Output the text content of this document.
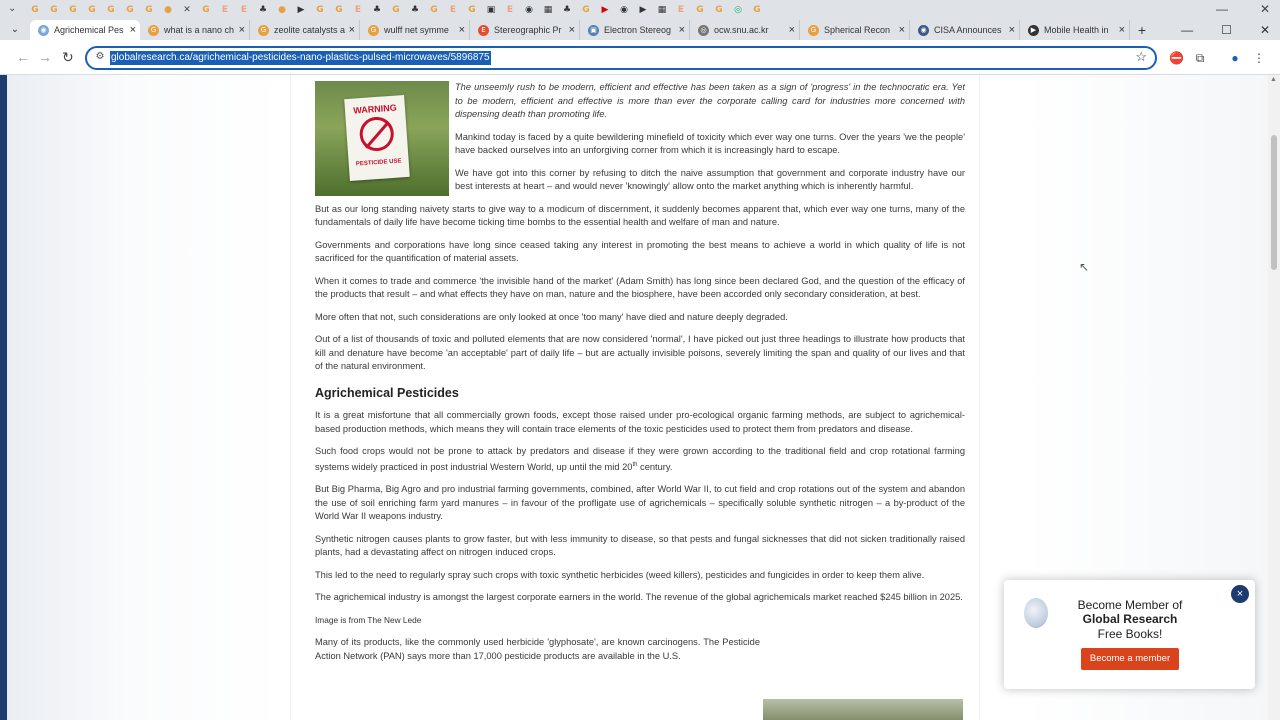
⌄	G	G	G	G	G	G	G	●	✕	G	E	E	♣	●	▶	G	G	E	♣	G	♣	G	E	G	▣	E	◉	▦	♣	G	▶	◉	▶	▦	E	G	G	◎	G	—	✕
⌄	◉ Agrichemical Pes ×	G what is a nano ch ×	G zeolite catalysts a ×	G wulff net symme ×	E Stereographic Pr ×	▣ Electron Stereog ×	◎ ocw.snu.ac.kr	×	G Spherical Recon ×	◉ CISA Announces ×	▶ Mobile Health in × +	— ☐ ✕
← → ↻ ⚙ globalresearch.ca/agrichemical-pesticides-nano-plastics-pulsed-microwaves/5896875	☆ ⛔ ⧉ ● ⋮
WARNING
PESTICIDE USE

The unseemly rush to be modern, efficient and effective has been taken as a sign of 'progress' in the technocratic era. Yet to be modern, efficient and effective is more than ever the corporate calling card for industries more concerned with dispensing death than promoting life.

Mankind today is faced by a quite bewildering minefield of toxicity which ever way one turns. Over the years 'we the people' have backed ourselves into an unforgiving corner from which it is increasingly hard to escape.

We have got into this corner by refusing to ditch the naive assumption that government and corporate industry have our best interests at heart – and would never 'knowingly' allow onto the market anything which is inherently harmful.

But as our long standing naivety starts to give way to a modicum of discernment, it suddenly becomes apparent that, which ever way one turns, many of the fundamentals of daily life have become ticking time bombs to the essential health and welfare of man and nature.

Governments and corporations have long since ceased taking any interest in promoting the best means to achieve a world in which quality of life is not sacrificed for the quantification of material assets.

When it comes to trade and commerce 'the invisible hand of the market' (Adam Smith) has long since been declared God, and the question of the efficacy of the products that result – and what effects they have on man, nature and the biosphere, have been accorded only secondary consideration, at best.

More often that not, such considerations are only looked at once 'too many' have died and nature deeply degraded.

Out of a list of thousands of toxic and polluted elements that are now considered 'normal', I have picked out just three headings to illustrate how products that kill and denature have become 'an acceptable' part of daily life – but are actually invisible poisons, severely limiting the span and quality of our lives and that of the natural environment.

Agrichemical Pesticides

It is a great misfortune that all commercially grown foods, except those raised under pro-ecological organic farming methods, are subject to agrichemical-based production methods, which means they will contain trace elements of the toxic pesticides used to protect them from predators and disease.

Such food crops would not be prone to attack by predators and disease if they were grown according to the traditional field and crop rotational farming systems widely practiced in post industrial Western World, up until the mid 20th century.

But Big Pharma, Big Agro and pro industrial farming governments, combined, after World War II, to cut field and crop rotations out of the system and abandon the use of soil enriching farm yard manures – in favour of the profligate use of agrichemicals – specifically soluble synthetic nitrogen – a by-product of the World War II weapons industry.

Synthetic nitrogen causes plants to grow faster, but with less immunity to disease, so that pests and fungal sicknesses that did not sicken traditionally raised plants, had a devastating affect on nitrogen induced crops.

This led to the need to regularly spray such crops with toxic synthetic herbicides (weed killers), pesticides and fungicides in order to keep them alive.

The agrichemical industry is amongst the largest corporate earners in the world. The revenue of the global agrichemicals market reached $245 billion in 2025.

Image is from The New Lede

Many of its products, like the commonly used herbicide 'glyphosate', are known carcinogens. The Pesticide Action Network (PAN) says more than 17,000 pesticide products are available in the U.S.

▲
↖
Become Member of
Global Research
Free Books!
Become a member
×
